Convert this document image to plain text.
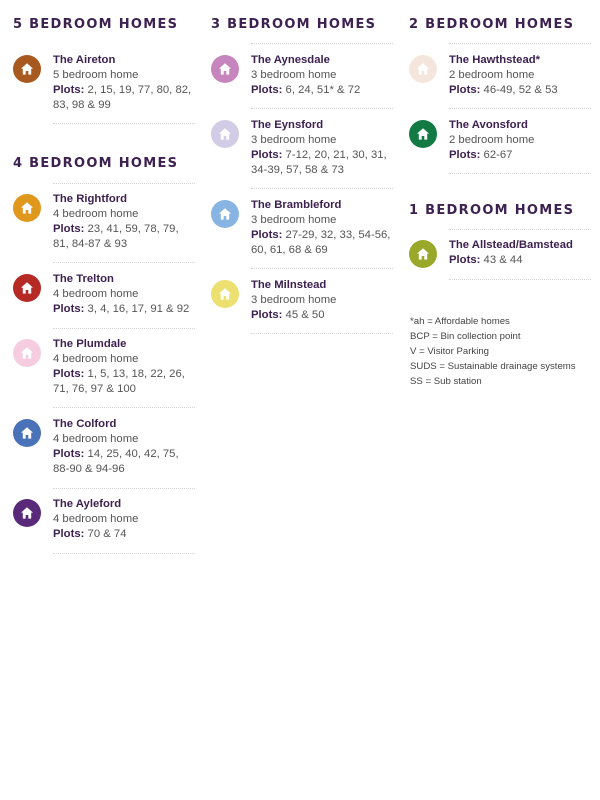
5 BEDROOM HOMES
The Aireton
5 bedroom home
Plots: 2, 15, 19, 77, 80, 82, 83, 98 & 99
4 BEDROOM HOMES
The Rightford
4 bedroom home
Plots: 23, 41, 59, 78, 79, 81, 84-87 & 93
The Trelton
4 bedroom home
Plots: 3, 4, 16, 17, 91 & 92
The Plumdale
4 bedroom home
Plots: 1, 5, 13, 18, 22, 26, 71, 76, 97 & 100
The Colford
4 bedroom home
Plots: 14, 25, 40, 42, 75, 88-90 & 94-96
The Ayleford
4 bedroom home
Plots: 70 & 74
3 BEDROOM HOMES
The Aynesdale
3 bedroom home
Plots: 6, 24, 51* & 72
The Eynsford
3 bedroom home
Plots: 7-12, 20, 21, 30, 31, 34-39, 57, 58 & 73
The Brambleford
3 bedroom home
Plots: 27-29, 32, 33, 54-56, 60, 61, 68 & 69
The Milnstead
3 bedroom home
Plots: 45 & 50
2 BEDROOM HOMES
The Hawthstead*
2 bedroom home
Plots: 46-49, 52 & 53
The Avonsford
2 bedroom home
Plots: 62-67
1 BEDROOM HOMES
The Allstead/Bamstead
Plots: 43 & 44
*ah = Affordable homes
BCP = Bin collection point
V = Visitor Parking
SUDS = Sustainable drainage systems
SS = Sub station
